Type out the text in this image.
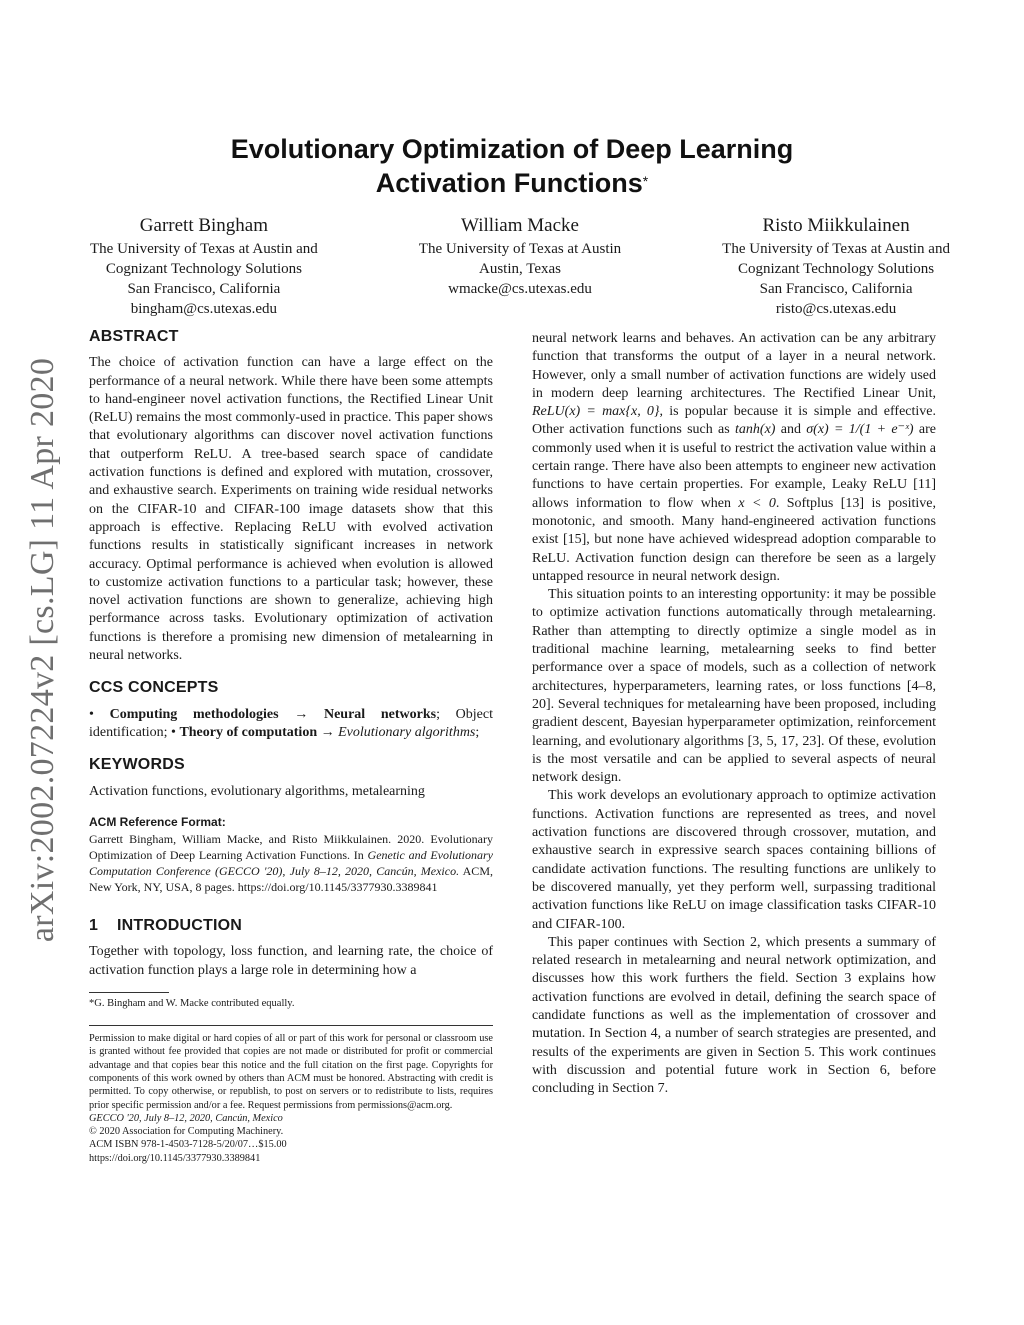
arXiv:2002.07224v2 [cs.LG] 11 Apr 2020
Evolutionary Optimization of Deep Learning
Activation Functions*
Garrett Bingham
The University of Texas at Austin and
Cognizant Technology Solutions
San Francisco, California
bingham@cs.utexas.edu
William Macke
The University of Texas at Austin
Austin, Texas
wmacke@cs.utexas.edu
Risto Miikkulainen
The University of Texas at Austin and
Cognizant Technology Solutions
San Francisco, California
risto@cs.utexas.edu
ABSTRACT

The choice of activation function can have a large effect on the performance of a neural network. While there have been some attempts to hand-engineer novel activation functions, the Rectified Linear Unit (ReLU) remains the most commonly-used in practice. This paper shows that evolutionary algorithms can discover novel activation functions that outperform ReLU. A tree-based search space of candidate activation functions is defined and explored with mutation, crossover, and exhaustive search. Experiments on training wide residual networks on the CIFAR-10 and CIFAR-100 image datasets show that this approach is effective. Replacing ReLU with evolved activation functions results in statistically significant increases in network accuracy. Optimal performance is achieved when evolution is allowed to customize activation functions to a particular task; however, these novel activation functions are shown to generalize, achieving high performance across tasks. Evolutionary optimization of activation functions is therefore a promising new dimension of metalearning in neural networks.

CCS CONCEPTS

• Computing methodologies → Neural networks; Object identification; • Theory of computation → Evolutionary algorithms;

KEYWORDS

Activation functions, evolutionary algorithms, metalearning

ACM Reference Format:
Garrett Bingham, William Macke, and Risto Miikkulainen. 2020. Evolutionary Optimization of Deep Learning Activation Functions. In Genetic and Evolutionary Computation Conference (GECCO '20), July 8–12, 2020, Cancún, Mexico. ACM, New York, NY, USA, 8 pages. https://doi.org/10.1145/3377930.3389841
1 INTRODUCTION

Together with topology, loss function, and learning rate, the choice of activation function plays a large role in determining how a

*G. Bingham and W. Macke contributed equally.

Permission to make digital or hard copies of all or part of this work for personal or classroom use is granted without fee provided that copies are not made or distributed for profit or commercial advantage and that copies bear this notice and the full citation on the first page. Copyrights for components of this work owned by others than ACM must be honored. Abstracting with credit is permitted. To copy otherwise, or republish, to post on servers or to redistribute to lists, requires prior specific permission and/or a fee. Request permissions from permissions@acm.org.

GECCO '20, July 8–12, 2020, Cancún, Mexico

© 2020 Association for Computing Machinery.

ACM ISBN 978-1-4503-7128-5/20/07…$15.00

https://doi.org/10.1145/3377930.3389841

neural network learns and behaves. An activation can be any arbitrary function that transforms the output of a layer in a neural network. However, only a small number of activation functions are widely used in modern deep learning architectures. The Rectified Linear Unit, ReLU(x) = max{x, 0}, is popular because it is simple and effective. Other activation functions such as tanh(x) and σ(x) = 1/(1 + e⁻ˣ) are commonly used when it is useful to restrict the activation value within a certain range. There have also been attempts to engineer new activation functions to have certain properties. For example, Leaky ReLU [11] allows information to flow when x < 0. Softplus [13] is positive, monotonic, and smooth. Many hand-engineered activation functions exist [15], but none have achieved widespread adoption comparable to ReLU. Activation function design can therefore be seen as a largely untapped resource in neural network design.

This situation points to an interesting opportunity: it may be possible to optimize activation functions automatically through metalearning. Rather than attempting to directly optimize a single model as in traditional machine learning, metalearning seeks to find better performance over a space of models, such as a collection of network architectures, hyperparameters, learning rates, or loss functions [4–8, 20]. Several techniques for metalearning have been proposed, including gradient descent, Bayesian hyperparameter optimization, reinforcement learning, and evolutionary algorithms [3, 5, 17, 23]. Of these, evolution is the most versatile and can be applied to several aspects of neural network design.

This work develops an evolutionary approach to optimize activation functions. Activation functions are represented as trees, and novel activation functions are discovered through crossover, mutation, and exhaustive search in expressive search spaces containing billions of candidate activation functions. The resulting functions are unlikely to be discovered manually, yet they perform well, surpassing traditional activation functions like ReLU on image classification tasks CIFAR-10 and CIFAR-100.

This paper continues with Section 2, which presents a summary of related research in metalearning and neural network optimization, and discusses how this work furthers the field. Section 3 explains how activation functions are evolved in detail, defining the search space of candidate functions as well as the implementation of crossover and mutation. In Section 4, a number of search strategies are presented, and results of the experiments are given in Section 5. This work continues with discussion and potential future work in Section 6, before concluding in Section 7.
